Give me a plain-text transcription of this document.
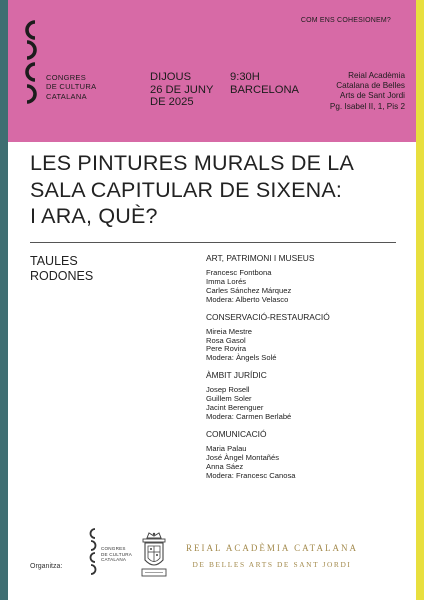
CONGRES
DE CULTURA
CATALANA
COM ENS COHESIONEM?
DIJOUS
26 DE JUNY
DE 2025
9:30H
BARCELONA
Reial Acadèmia
Catalana de Belles
Arts de Sant Jordi
Pg. Isabel II, 1, Pis 2
LES PINTURES MURALS DE LA
SALA CAPITULAR DE SIXENA:
I ARA, QUÈ?
TAULES
RODONES
ART, PATRIMONI I MUSEUS
Francesc Fontbona
Imma Lorés
Carles Sánchez Márquez
Modera: Alberto Velasco
CONSERVACIÓ-RESTAURACIÓ
Mireia Mestre
Rosa Gasol
Pere Rovira
Modera: Àngels Solé
ÀMBIT JURÍDIC
Josep Rosell
Guillem Soler
Jacint Berenguer
Modera: Carmen Berlabé
COMUNICACIÓ
Maria Palau
José Àngel Montañés
Anna Sáez
Modera: Francesc Canosa
Organitza:
CONGRES
DE CULTURA
CATALANA
REIAL ACADÈMIA CATALANA
DE BELLES ARTS DE SANT JORDI
